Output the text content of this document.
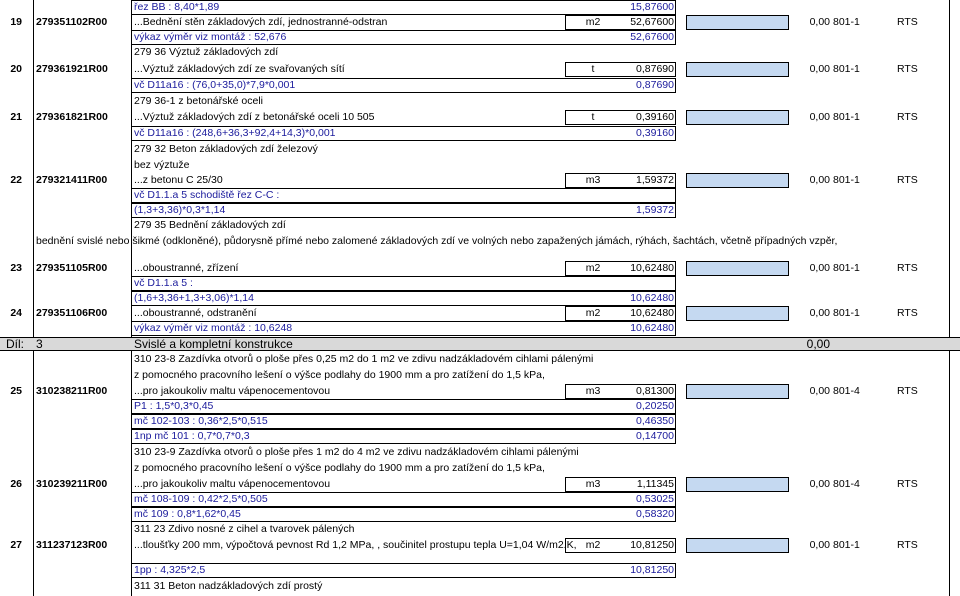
řez BB : 8,40*1,89	15,87600
19 279351102R00	...Bednění stěn základových zdí, jednostranné-odstran	m2	52,67600	0,00 801-1	RTS
výkaz výměr viz montáž : 52,676	52,67600
279 36 Výztuž základových zdí
20 279361921R00 ...Výztuž základových zdí ze svařovaných sítí	t	0,87690	0,00 801-1	RTS
vč D11a16 : (76,0+35,0)*7,9*0,001	0,87690
279 36-1 z betonářské oceli
21 279361821R00 ...Výztuž základových zdí z betonářské oceli 10 505	t	0,39160	0,00 801-1	RTS
vč D11a16 : (248,6+36,3+92,4+14,3)*0,001	0,39160
279 32 Beton základových zdí železový
bez výztuže
22 279321411R00	...z betonu C 25/30	m3	1,59372	0,00 801-1	RTS
vč D1.1.a 5 schodiště řez C-C :
(1,3+3,36)*0,3*1,14	1,59372
279 35 Bednění základových zdí
bednění svislé nebo šikmé (odkloněné), půdorysně přímé nebo zalomené základových zdí ve volných nebo zapažených jámách, rýhách, šachtách, včetně případných vzpěr,
23 279351105R00	...oboustranné, zřízení	m2	10,62480	0,00 801-1	RTS
vč D1.1.a 5 :
(1,6+3,36+1,3+3,06)*1,14	10,62480
24 279351106R00	...oboustranné, odstranění	m2	10,62480	0,00 801-1	RTS
výkaz výměr viz montáž : 10,6248	10,62480
310 23-8 Zazdívka otvorů o ploše přes 0,25 m2 do 1 m2 ve zdivu nadzákladovém cihlami pálenými
z pomocného pracovního lešení o výšce podlahy do 1900 mm a pro zatížení do 1,5 kPa,
25 310238211R00	...pro jakoukoliv maltu vápenocementovou	m3	0,81300	0,00 801-4	RTS
P1 : 1,5*0,3*0,45	0,20250
mč 102-103 : 0,36*2,5*0,515	0,46350
1np mč 101 : 0,7*0,7*0,3	0,14700
310 23-9 Zazdívka otvorů o ploše přes 1 m2 do 4 m2 ve zdivu nadzákladovém cihlami pálenými
z pomocného pracovního lešení o výšce podlahy do 1900 mm a pro zatížení do 1,5 kPa,
26 310239211R00	...pro jakoukoliv maltu vápenocementovou	m3	1,11345	0,00 801-4	RTS
mč 108-109 : 0,42*2,5*0,505	0,53025
mč 109 : 0,8*1,62*0,45	0,58320
311 23 Zdivo nosné z cihel a tvarovek pálených
27 311237123R00	...tloušťky 200 mm, výpočtová pevnost Rd 1,2 MPa, , součinitel prostupu tepla U=1,04 W/m2.K, m2	10,81250	0,00 801-1	RTS
1pp : 4,325*2,5	10,81250
311 31 Beton nadzákladových zdí prostý
Díl: 3	Svislé a kompletní konstrukce	0,00
